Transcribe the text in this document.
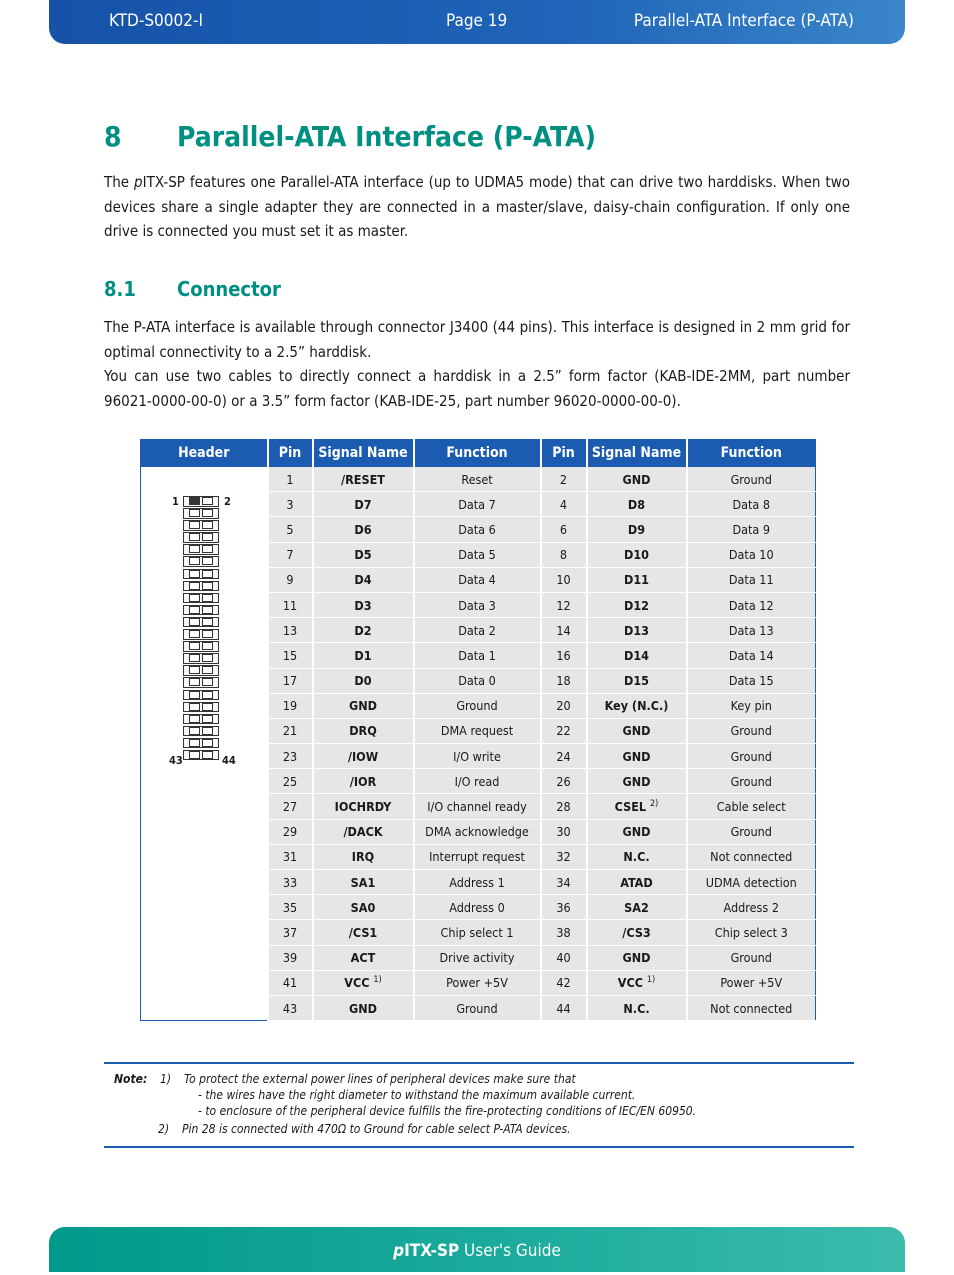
KTD-S0002-I	Page 19	Parallel-ATA Interface (P-ATA)
8 Parallel-ATA Interface (P-ATA)

The pITX-SP features one Parallel-ATA interface (up to UDMA5 mode) that can drive two harddisks. When two devices share a single adapter they are connected in a master/slave, daisy-chain configuration. If only one drive is connected you must set it as master.

8.1 Connector

The P-ATA interface is available through connector J3400 (44 pins). This interface is designed in 2 mm grid for optimal connectivity to a 2.5” harddisk.

You can use two cables to directly connect a harddisk in a 2.5” form factor (KAB-IDE-2MM, part number 96021-0000-00-0) or a 3.5” form factor (KAB-IDE-25, part number 96020-0000-00-0).

Header	Pin	Signal Name	Function	Pin	Signal Name	Function

1 2
43 44	1	/RESET	Reset	2	GND	Ground
	3	D7	Data 7	4	D8	Data 8
	5	D6	Data 6	6	D9	Data 9
	7	D5	Data 5	8	D10	Data 10
	9	D4	Data 4	10	D11	Data 11
	11	D3	Data 3	12	D12	Data 12
	13	D2	Data 2	14	D13	Data 13
	15	D1	Data 1	16	D14	Data 14
	17	D0	Data 0	18	D15	Data 15
	19	GND	Ground	20	Key (N.C.)	Key pin
	21	DRQ	DMA request	22	GND	Ground
	23	/IOW	I/O write	24	GND	Ground
	25	/IOR	I/O read	26	GND	Ground
	27	IOCHRDY	I/O channel ready	28	CSEL $^{2)}$	Cable select
	29	/DACK	DMA acknowledge	30	GND	Ground
	31	IRQ	Interrupt request	32	N.C.	Not connected
	33	SA1	Address 1	34	ATAD	UDMA detection
	35	SA0	Address 0	36	SA2	Address 2
	37	/CS1	Chip select 1	38	/CS3	Chip select 3
	39	ACT	Drive activity	40	GND	Ground
	41	VCC $^{1)}$	Power +5V	42	VCC $^{1)}$	Power +5V
	43	GND	Ground	44	N.C.	Not connected
Note: 1) To protect the external power lines of peripheral devices make sure that
- the wires have the right diameter to withstand the maximum available current.
- to enclosure of the peripheral device fulfills the fire-protecting conditions of IEC/EN 60950.
2) Pin 28 is connected with 470Ω to Ground for cable select P-ATA devices.
pITX-SP User's Guide
